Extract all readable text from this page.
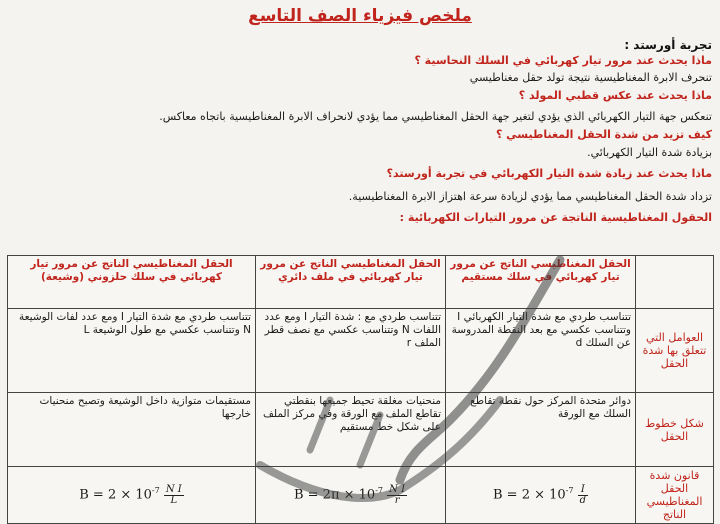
ملخص فيزياء الصف التاسع
تجربة أورستد :
ماذا يحدث عند مرور تيار كهربائي في السلك النحاسية ؟
تنحرف الابرة المغناطيسية نتيجة تولد حقل مغناطيسي
ماذا يحدث عند عكس قطبي المولد ؟
تنعكس جهة التيار الكهربائي الذي يؤدي لتغير جهة الحقل المغناطيسي مما يؤدي لانحراف الابرة المغناطيسية باتجاه معاكس.
كيف تزيد من شدة الحقل المغناطيسي ؟
بزيادة شدة التيار الكهربائي.
ماذا يحدث عند زيادة شدة التيار الكهربائي في تجربة أورستد؟
تزداد شدة الحقل المغناطيسي مما يؤدي لزيادة سرعة اهتزاز الابرة المغناطيسية.
الحقول المغناطيسية الناتجة عن مرور التيارات الكهربائية :
	الحقل المغناطيسي الناتج عن مرور تيار كهربائي في سلك مستقيم	الحقل المغناطيسي الناتج عن مرور تيار كهربائي في ملف دائري	الحقل المغناطيسي الناتج عن مرور تيار كهربائي في سلك حلزوني (وشيعة)
العوامل التي تتعلق بها شدة الحقل	تتناسب طردي مع شدة التيار الكهربائي I وتتناسب عكسي مع بعد النقطة المدروسة عن السلك d	تتناسب طردي مع : شدة التيار I ومع عدد اللفات N وتتناسب عكسي مع نصف قطر الملف r	تتناسب طردي مع شدة التيار I ومع عدد لفات الوشيعة N وتتناسب عكسي مع طول الوشيعة L
شكل خطوط الحقل	دوائر متحدة المركز حول نقطة تقاطع السلك مع الورقة	منحنيات مغلقة تحيط جميعها بنقطتي تقاطع الملف مع الورقة وفي مركز الملف على شكل خط مستقيم	مستقيمات متوازية داخل الوشيعة وتصبح منحنيات خارجها
قانون شدة الحقل المغناطيسي الناتج	$B = 2 \times 10^{-7} \frac{I}{d}$	$B = 2\pi \times 10^{-7} \frac{\text{N I}}{r}$	$B = 2 \times 10^{-7} \frac{\text{N I}}{L}$
